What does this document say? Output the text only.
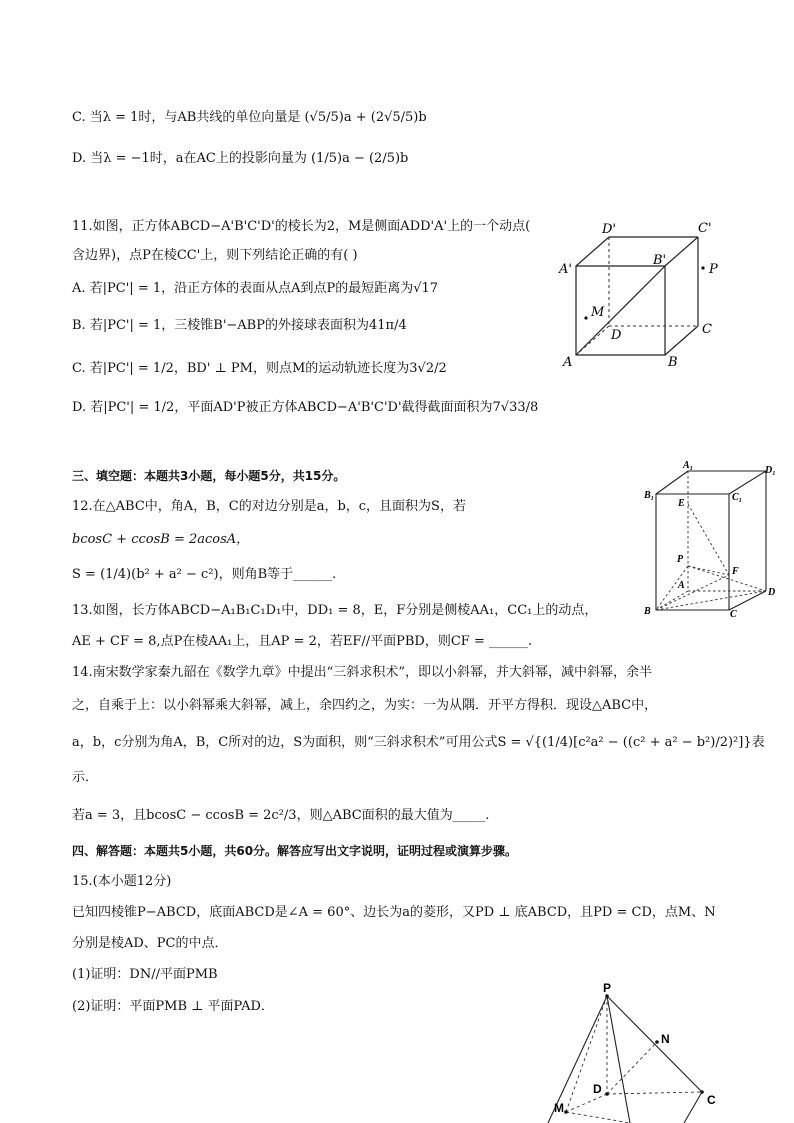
C. 当λ = 1时，与AB共线的单位向量是 (√5/5)a + (2√5/5)b
D. 当λ = −1时，a在AC上的投影向量为 (1/5)a − (2/5)b
11.如图，正方体ABCD−A'B'C'D'的棱长为2，M是侧面ADD'A'上的一个动点(
含边界)，点P在棱CC'上，则下列结论正确的有( )
A. 若|PC'| = 1，沿正方体的表面从点A到点P的最短距离为√17
B. 若|PC'| = 1，三棱锥B'−ABP的外接球表面积为41π/4
C. 若|PC'| = 1/2，BD' ⊥ PM，则点M的运动轨迹长度为3√2/2
D. 若|PC'| = 1/2，平面AD'P被正方体ABCD−A'B'C'D'截得截面面积为7√33/8
D'	C'
A'
B'
P
M
D	C
A	B
三、填空题：本题共3小题，每小题5分，共15分。
12.在△ABC中，角A，B，C的对边分别是a，b，c，且面积为S，若
bcosC + ccosB = 2acosA，
S = (1/4)(b² + a² − c²)，则角B等于______.
13.如图，长方体ABCD−A₁B₁C₁D₁中，DD₁ = 8，E，F分别是侧棱AA₁，CC₁上的动点，
AE + CF = 8,点P在棱AA₁上，且AP = 2，若EF//平面PBD，则CF = ______.
A₁	D₁
B₁	C₁
E
P
F
A
B	C
D
14.南宋数学家秦九韶在《数学九章》中提出“三斜求积术”，即以小斜幂，并大斜幂，减中斜幂，余半
之，自乘于上：以小斜幂乘大斜幂，减上，余四约之，为实：一为从隅．开平方得积．现设△ABC中，
a，b，c分别为角A，B，C所对的边，S为面积，则“三斜求积术”可用公式S = √{(1/4)[c²a² − ((c² + a² − b²)/2)²]}表
示．
若a = 3，且bcosC − ccosB = 2c²/3，则△ABC面积的最大值为_____.
四、解答题：本题共5小题，共60分。解答应写出文字说明，证明过程或演算步骤。
15.(本小题12分)
已知四棱锥P−ABCD，底面ABCD是∠A = 60°、边长为a的菱形，又PD ⊥ 底ABCD，且PD = CD，点M、N
分别是棱AD、PC的中点．
(1)证明：DN//平面PMB
(2)证明：平面PMB ⊥ 平面PAD．
P
N
D
C
M
